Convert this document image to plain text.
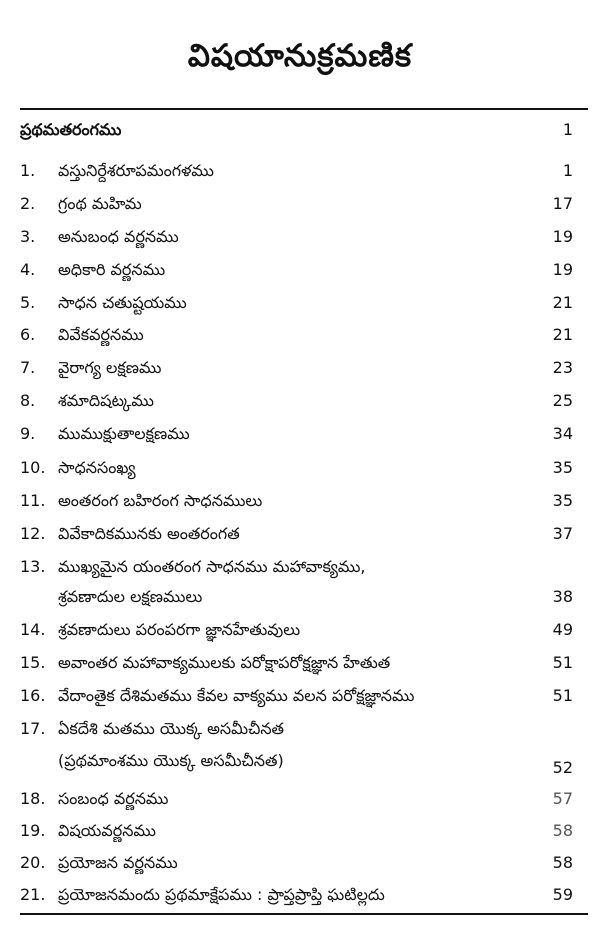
విషయానుక్రమణిక
ప్రథమతరంగము	1
1.	వస్తునిర్దేశరూపమంగళము	1
2.	గ్రంథ మహిమ	17
3.	అనుబంధ వర్ణనము	19
4.	అధికారి వర్ణనము	19
5.	సాధన చతుష్టయము	21
6.	వివేకవర్ణనము	21
7.	వైరాగ్య లక్షణము	23
8.	శమాదిషట్కము	25
9.	ముముక్షుతాలక్షణము	34
10. సాధనసంఖ్య	35
11. అంతరంగ బహిరంగ సాధనములు	35
12. వివేకాదికమునకు అంతరంగత	37
13. ముఖ్యమైన యంతరంగ సాధనము మహావాక్యము,
శ్రవణాదుల లక్షణములు	38
14. శ్రవణాదులు పరంపరగా జ్ఞానహేతువులు	49
15. అవాంతర మహావాక్యములకు పరోక్షాపరోక్షజ్ఞాన హేతుత	51
16. వేదాంతైక దేశిమతము కేవల వాక్యము వలన పరోక్షజ్ఞానము	51
17. ఏకదేశి మతము యొక్క అసమీచీనత
(ప్రథమాంశము యొక్క అసమీచీనత)	52
18. సంబంధ వర్ణనము	57
19. విషయవర్ణనము	58
20. ప్రయోజన వర్ణనము	58
21. ప్రయోజనమందు ప్రథమాక్షేపము : ప్రాప్తప్రాప్తి ఘటిల్లదు	59
